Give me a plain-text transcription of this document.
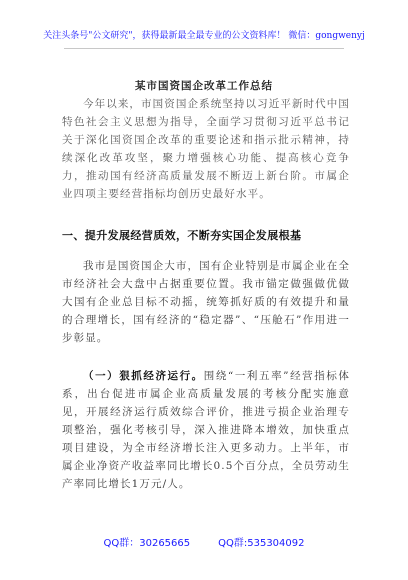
关注头条号"公文研究"，获得最新最全最专业的公文资料库！ 微信：gongwenyj
某市国资国企改革工作总结

今年以来，市国资国企系统坚持以习近平新时代中国特色社会主义思想为指导，全面学习贯彻习近平总书记关于深化国资国企改革的重要论述和指示批示精神，持续深化改革攻坚，聚力增强核心功能、提高核心竞争力，推动国有经济高质量发展不断迈上新台阶。市属企业四项主要经营指标均创历史最好水平。

一、提升发展经营质效，不断夯实国企发展根基

我市是国资国企大市，国有企业特别是市属企业在全市经济社会大盘中占据重要位置。我市锚定做强做优做大国有企业总目标不动摇，统筹抓好质的有效提升和量的合理增长，国有经济的“稳定器”、“压舱石”作用进一步彰显。

（一）狠抓经济运行。围绕“一利五率”经营指标体系，出台促进市属企业高质量发展的考核分配实施意见，开展经济运行质效综合评价，推进亏损企业治理专项整治，强化考核引导，深入推进降本增效，加快重点项目建设，为全市经济增长注入更多动力。上半年，市属企业净资产收益率同比增长0.5个百分点，全员劳动生产率同比增长1万元/人。

QQ群：30265665	QQ群:535304092
